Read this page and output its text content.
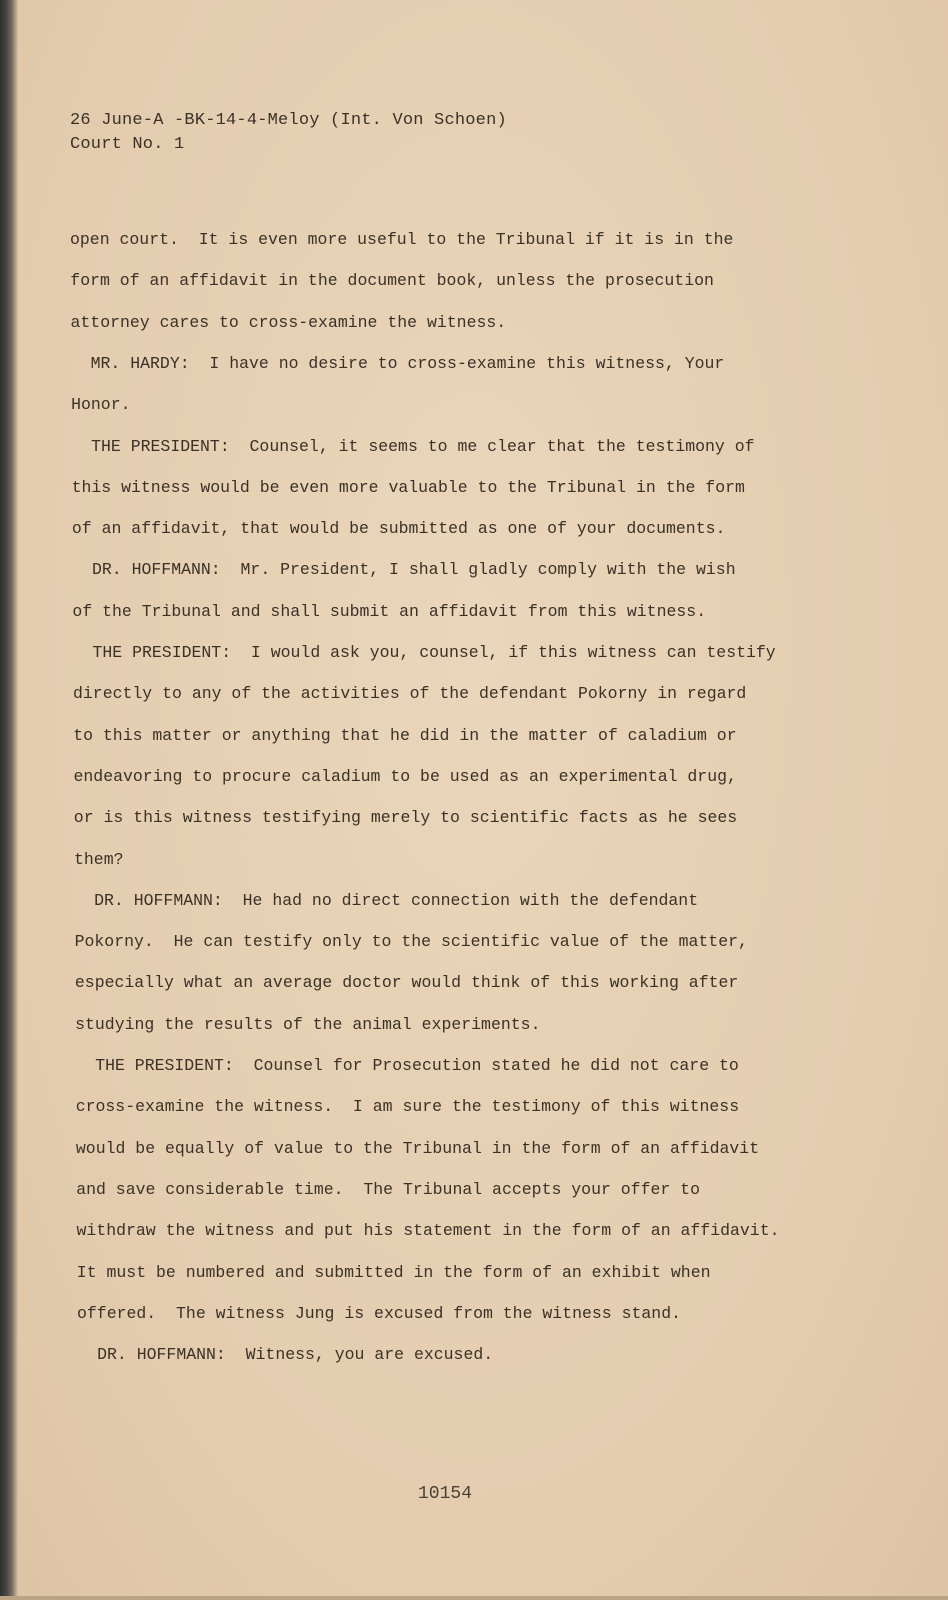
26 June-A -BK-14-4-Meloy (Int. Von Schoen)
Court No. 1
open court.  It is even more useful to the Tribunal if it is in the
form of an affidavit in the document book, unless the prosecution
attorney cares to cross-examine the witness.
MR. HARDY:  I have no desire to cross-examine this witness, Your
Honor.
THE PRESIDENT:  Counsel, it seems to me clear that the testimony of
this witness would be even more valuable to the Tribunal in the form
of an affidavit, that would be submitted as one of your documents.
DR. HOFFMANN:  Mr. President, I shall gladly comply with the wish
of the Tribunal and shall submit an affidavit from this witness.
THE PRESIDENT:  I would ask you, counsel, if this witness can testify
directly to any of the activities of the defendant Pokorny in regard
to this matter or anything that he did in the matter of caladium or
endeavoring to procure caladium to be used as an experimental drug,
or is this witness testifying merely to scientific facts as he sees
them?
DR. HOFFMANN:  He had no direct connection with the defendant
Pokorny.  He can testify only to the scientific value of the matter,
especially what an average doctor would think of this working after
studying the results of the animal experiments.
THE PRESIDENT:  Counsel for Prosecution stated he did not care to
cross-examine the witness.  I am sure the testimony of this witness
would be equally of value to the Tribunal in the form of an affidavit
and save considerable time.  The Tribunal accepts your offer to
withdraw the witness and put his statement in the form of an affidavit.
It must be numbered and submitted in the form of an exhibit when
offered.  The witness Jung is excused from the witness stand.
DR. HOFFMANN:  Witness, you are excused.
10154
